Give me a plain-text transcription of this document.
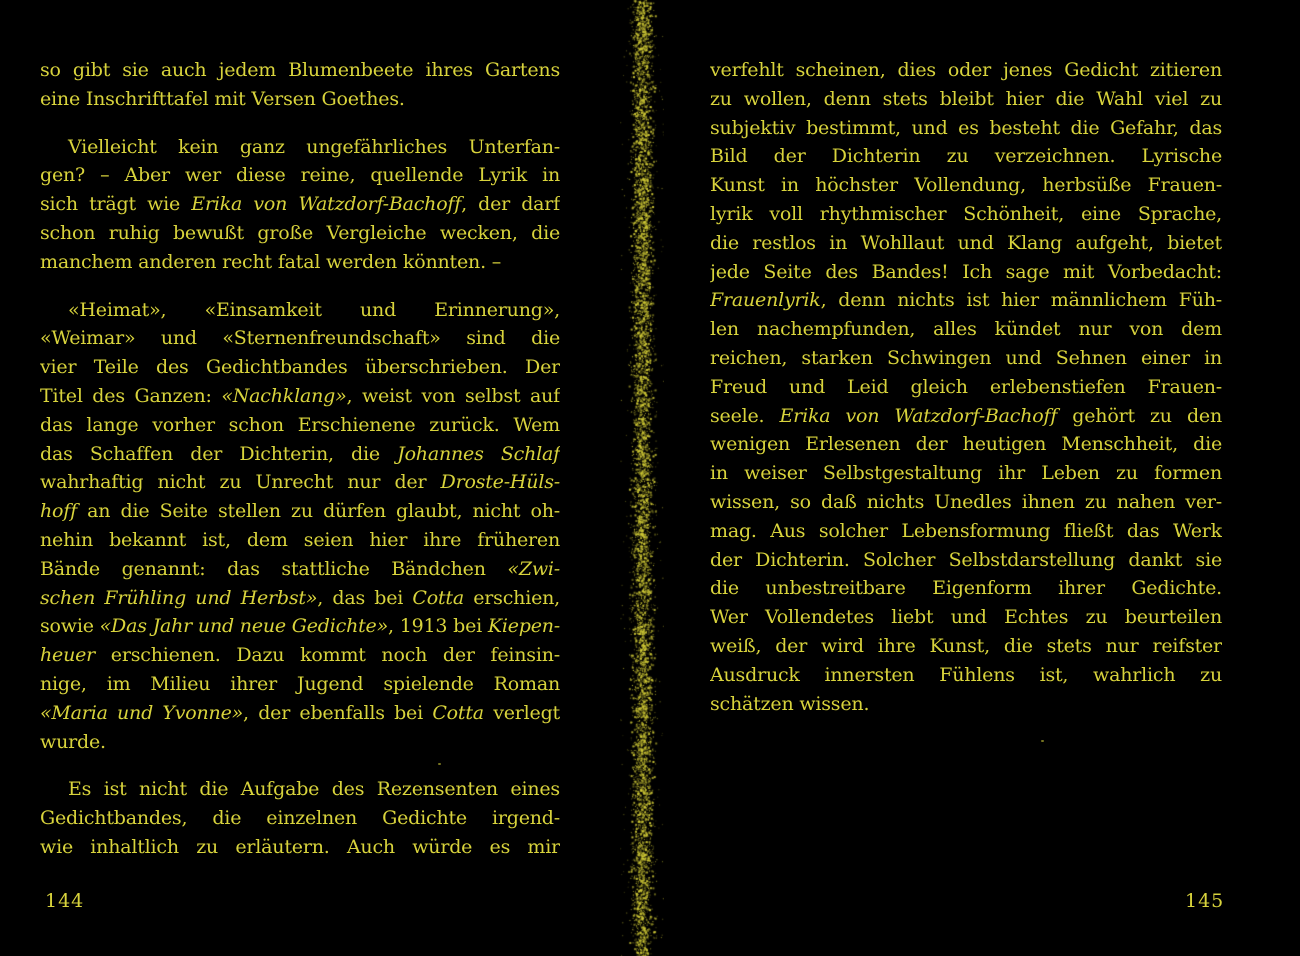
so gibt sie auch jedem Blumenbeete ihres Gartens
eine Inschrifttafel mit Versen Goethes.
Vielleicht kein ganz ungefährliches Unterfan-
gen? – Aber wer diese reine, quellende Lyrik in
sich trägt wie Erika von Watzdorf-Bachoff, der darf
schon ruhig bewußt große Vergleiche wecken, die
manchem anderen recht fatal werden könnten. –
«Heimat», «Einsamkeit und Erinnerung»,
«Weimar» und «Sternenfreundschaft» sind die
vier Teile des Gedichtbandes überschrieben. Der
Titel des Ganzen: «Nachklang», weist von selbst auf
das lange vorher schon Erschienene zurück. Wem
das Schaffen der Dichterin, die Johannes Schlaf
wahrhaftig nicht zu Unrecht nur der Droste-Hüls-
hoff an die Seite stellen zu dürfen glaubt, nicht oh-
nehin bekannt ist, dem seien hier ihre früheren
Bände genannt: das stattliche Bändchen «Zwi-
schen Frühling und Herbst», das bei Cotta erschien,
sowie «Das Jahr und neue Gedichte», 1913 bei Kiepen-
heuer erschienen. Dazu kommt noch der feinsin-
nige, im Milieu ihrer Jugend spielende Roman
«Maria und Yvonne», der ebenfalls bei Cotta verlegt
wurde.
Es ist nicht die Aufgabe des Rezensenten eines
Gedichtbandes, die einzelnen Gedichte irgend-
wie inhaltlich zu erläutern. Auch würde es mir
verfehlt scheinen, dies oder jenes Gedicht zitieren
zu wollen, denn stets bleibt hier die Wahl viel zu
subjektiv bestimmt, und es besteht die Gefahr, das
Bild der Dichterin zu verzeichnen. Lyrische
Kunst in höchster Vollendung, herbsüße Frauen-
lyrik voll rhythmischer Schönheit, eine Sprache,
die restlos in Wohllaut und Klang aufgeht, bietet
jede Seite des Bandes! Ich sage mit Vorbedacht:
Frauenlyrik, denn nichts ist hier männlichem Füh-
len nachempfunden, alles kündet nur von dem
reichen, starken Schwingen und Sehnen einer in
Freud und Leid gleich erlebenstiefen Frauen-
seele. Erika von Watzdorf-Bachoff gehört zu den
wenigen Erlesenen der heutigen Menschheit, die
in weiser Selbstgestaltung ihr Leben zu formen
wissen, so daß nichts Unedles ihnen zu nahen ver-
mag. Aus solcher Lebensformung fließt das Werk
der Dichterin. Solcher Selbstdarstellung dankt sie
die unbestreitbare Eigenform ihrer Gedichte.
Wer Vollendetes liebt und Echtes zu beurteilen
weiß, der wird ihre Kunst, die stets nur reifster
Ausdruck innersten Fühlens ist, wahrlich zu
schätzen wissen.
144	145
